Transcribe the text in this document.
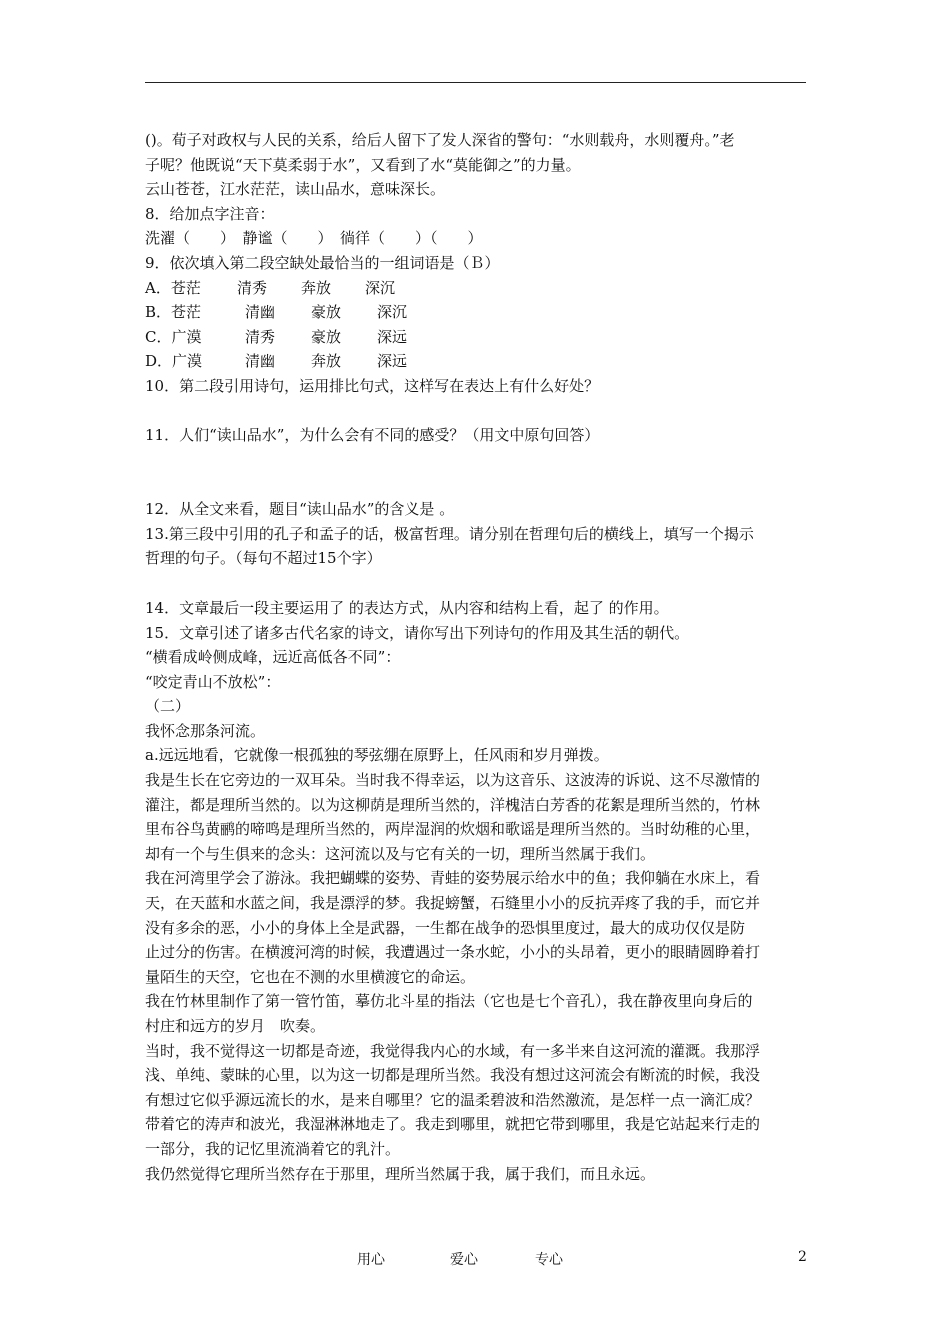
()。荀子对政权与人民的关系，给后人留下了发人深省的警句：“水则载舟，水则覆舟。”老

子呢？他既说“天下莫柔弱于水”，又看到了水“莫能御之”的力量。

云山苍苍，江水茫茫，读山品水，意味深长。

8．给加点字注音：

洗濯（　　）　静谧（　　）　徜徉（　　）（　　）

9．依次填入第二段空缺处最恰当的一组词语是（Ｂ）

A．苍茫 清秀 奔放 深沉

B．苍茫	清幽 豪放 深沉

C．广漠	清秀 豪放 深远

D．广漠	清幽 奔放 深远

10．第二段引用诗句，运用排比句式，这样写在表达上有什么好处？

11．人们“读山品水”，为什么会有不同的感受？（用文中原句回答）

12．从全文来看，题目“读山品水”的含义是 。

13.第三段中引用的孔子和孟子的话，极富哲理。请分别在哲理句后的横线上，填写一个揭示

哲理的句子。（每句不超过15个字）

14．文章最后一段主要运用了 的表达方式，从内容和结构上看，起了 的作用。

15．文章引述了诸多古代名家的诗文，请你写出下列诗句的作用及其生活的朝代。

“横看成岭侧成峰，远近高低各不同”：

“咬定青山不放松”：

（二）

我怀念那条河流。

a.远远地看，它就像一根孤独的琴弦绷在原野上，任风雨和岁月弹拨。

我是生长在它旁边的一双耳朵。当时我不得幸运，以为这音乐、这波涛的诉说、这不尽激情的

灌注，都是理所当然的。以为这柳荫是理所当然的，洋槐洁白芳香的花絮是理所当然的，竹林

里布谷鸟黄鹂的啼鸣是理所当然的，两岸湿润的炊烟和歌谣是理所当然的。当时幼稚的心里，

却有一个与生俱来的念头：这河流以及与它有关的一切，理所当然属于我们。

我在河湾里学会了游泳。我把蝴蝶的姿势、青蛙的姿势展示给水中的鱼；我仰躺在水床上，看

天，在天蓝和水蓝之间，我是漂浮的梦。我捉螃蟹，石缝里小小的反抗弄疼了我的手，而它并

没有多余的恶，小小的身体上全是武器，一生都在战争的恐惧里度过，最大的成功仅仅是防

止过分的伤害。在横渡河湾的时候，我遭遇过一条水蛇，小小的头昂着，更小的眼睛圆睁着打

量陌生的天空，它也在不测的水里横渡它的命运。

我在竹林里制作了第一管竹笛，摹仿北斗星的指法（它也是七个音孔），我在静夜里向身后的

村庄和远方的岁月　吹奏。

当时，我不觉得这一切都是奇迹，我觉得我内心的水域，有一多半来自这河流的灌溉。我那浮

浅、单纯、蒙昧的心里，以为这一切都是理所当然。我没有想过这河流会有断流的时候，我没

有想过它似乎源远流长的水，是来自哪里？它的温柔碧波和浩然激流，是怎样一点一滴汇成？

带着它的涛声和波光，我湿淋淋地走了。我走到哪里，就把它带到哪里，我是它站起来行走的

一部分，我的记忆里流淌着它的乳汁。

我仍然觉得它理所当然存在于那里，理所当然属于我，属于我们，而且永远。

用心	爱心	专心	2
